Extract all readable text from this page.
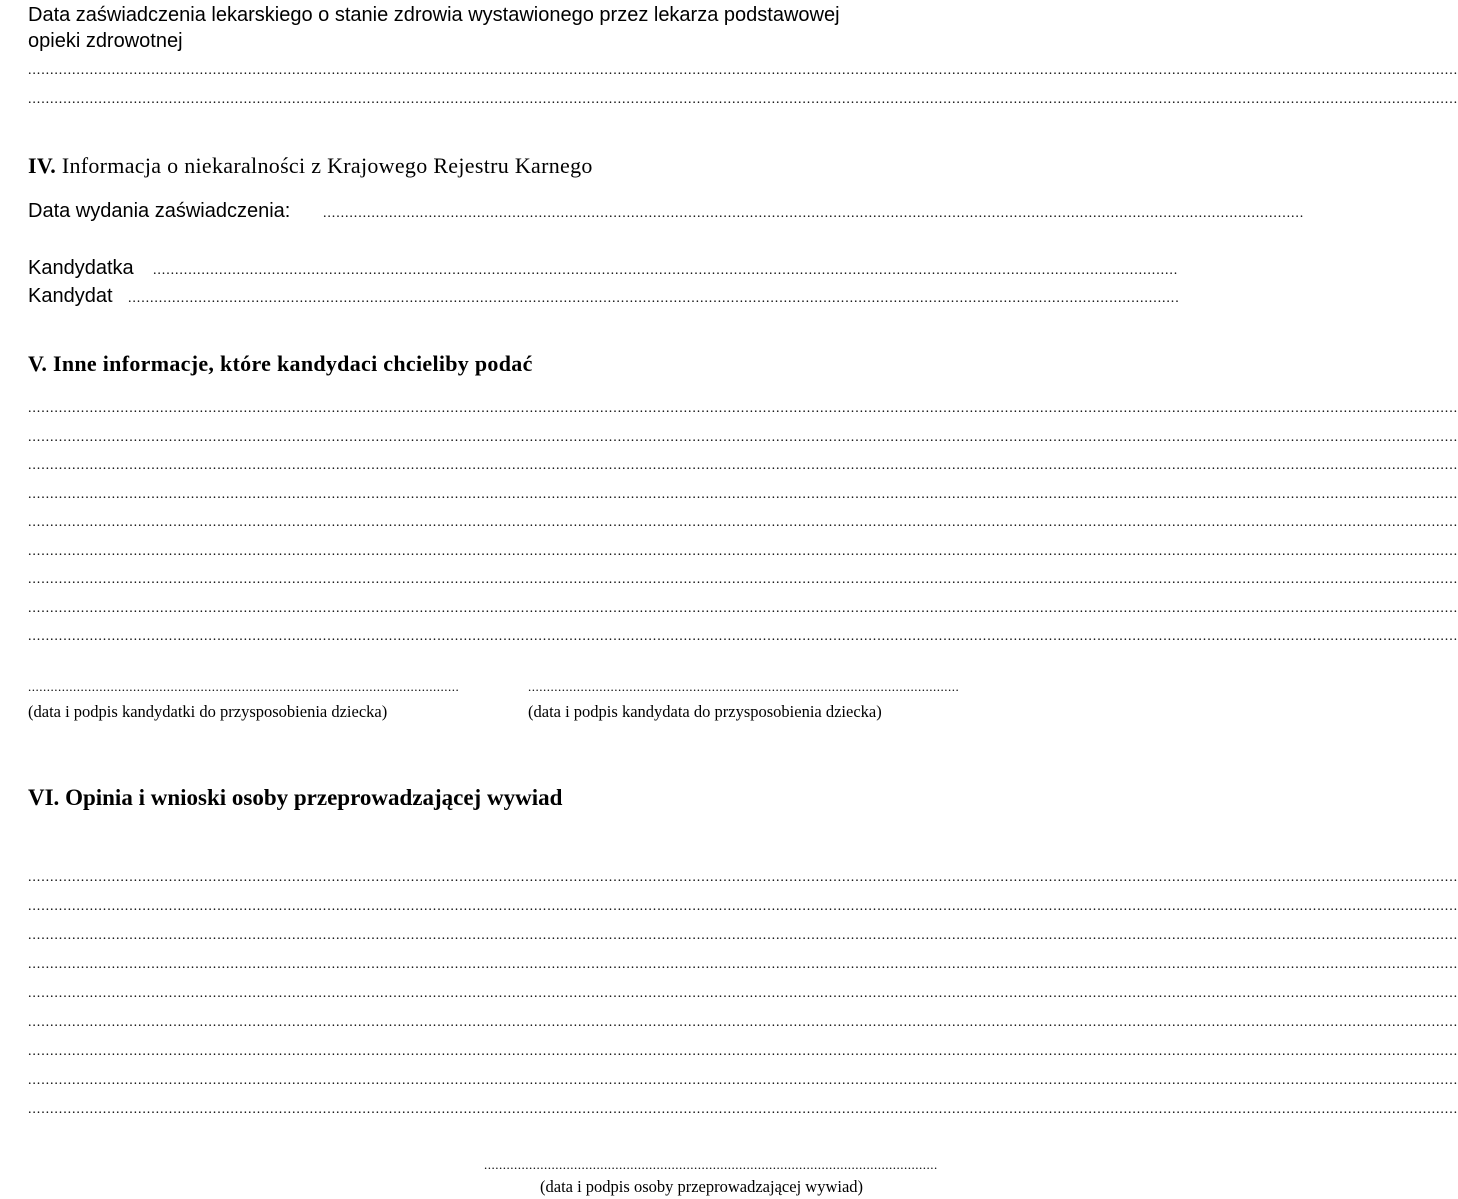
Data zaświadczenia lekarskiego o stanie zdrowia wystawionego przez lekarza podstawowej
opieki zdrowotnej
.....................................................................................................................................................................................................................................................................................................................................
.....................................................................................................................................................................................................................................................................................................................................
IV. Informacja o niekaralności z Krajowego Rejestru Karnego
Data wydania zaświadczenia: ...............................................................................................................................................................................................................................
Kandydatka .........................................................................................................................................................................................................................................
Kandydat ...............................................................................................................................................................................................................................................
V. Inne informacje, które kandydaci chcieliby podać
.....................................................................................................................................................................................................................................................................................................................................
.....................................................................................................................................................................................................................................................................................................................................
.....................................................................................................................................................................................................................................................................................................................................
.....................................................................................................................................................................................................................................................................................................................................
.....................................................................................................................................................................................................................................................................................................................................
.....................................................................................................................................................................................................................................................................................................................................
.....................................................................................................................................................................................................................................................................................................................................
.....................................................................................................................................................................................................................................................................................................................................
.....................................................................................................................................................................................................................................................................................................................................
...................................................................................................................
(data i podpis kandydatki do przysposobienia dziecka)
...................................................................................................................
(data i podpis kandydata do przysposobienia dziecka)
VI. Opinia i wnioski osoby przeprowadzającej wywiad
.....................................................................................................................................................................................................................................................................................................................................
.....................................................................................................................................................................................................................................................................................................................................
.....................................................................................................................................................................................................................................................................................................................................
.....................................................................................................................................................................................................................................................................................................................................
.....................................................................................................................................................................................................................................................................................................................................
.....................................................................................................................................................................................................................................................................................................................................
.....................................................................................................................................................................................................................................................................................................................................
.....................................................................................................................................................................................................................................................................................................................................
.....................................................................................................................................................................................................................................................................................................................................
.........................................................................................................................
(data i podpis osoby przeprowadzającej wywiad)
